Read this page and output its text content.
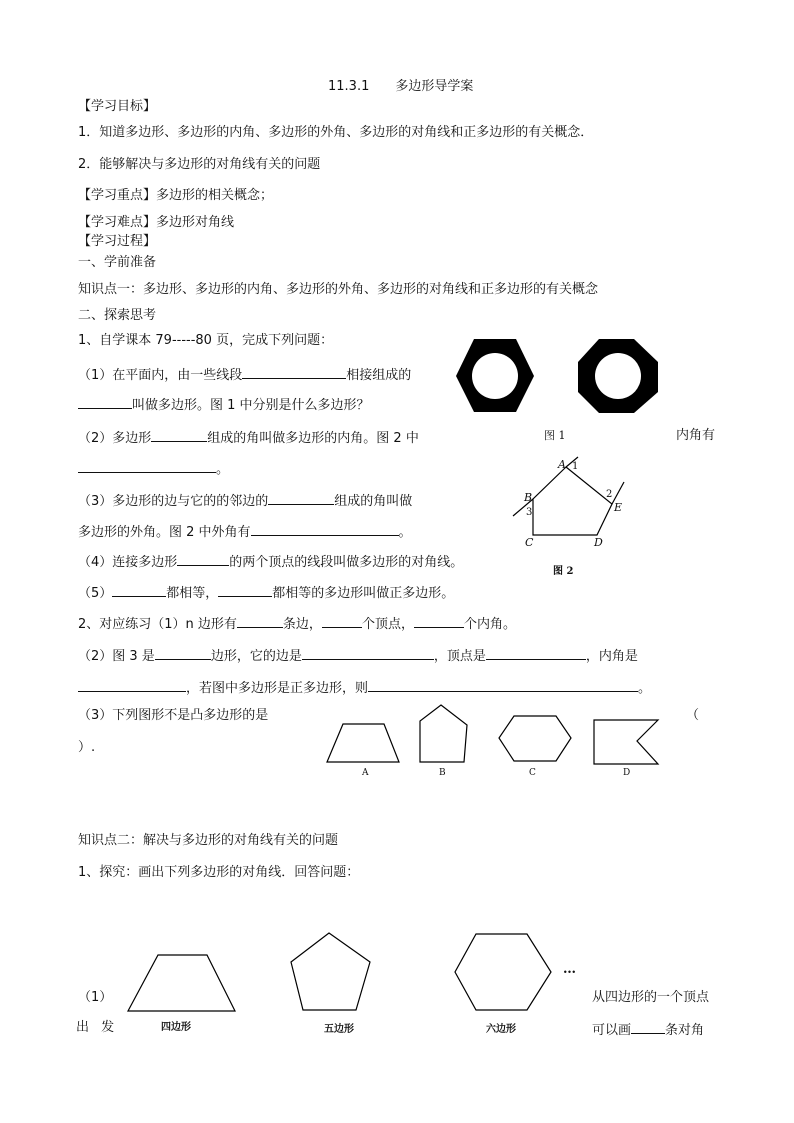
11.3.1　　多边形导学案
【学习目标】
1．知道多边形、多边形的内角、多边形的外角、多边形的对角线和正多边形的有关概念．
2．能够解决与多边形的对角线有关的问题
【学习重点】多边形的相关概念；
【学习难点】多边形对角线
【学习过程】
一、学前准备
知识点一：多边形、多边形的内角、多边形的外角、多边形的对角线和正多边形的有关概念
二、探索思考
1、自学课本 79-----80 页，完成下列问题：
（1）在平面内，由一些线段	相接组成的
叫做多边形。图 1 中分别是什么多边形？
（2）多边形	组成的角叫做多边形的内角。图 2 中	内角有
。
（3）多边形的边与它的的邻边的	组成的角叫做
多边形的外角。图 2 中外角有	。
（4）连接多边形	的两个顶点的线段叫做多边形的对角线。
（5）	都相等，	都相等的多边形叫做正多边形。
2、对应练习（1）n 边形有	条边，	个顶点，	个内角。
（2）图 3 是	边形，它的边是	，顶点是	，内角是
，若图中多边形是正多边形，则	。
（3）下列图形不是凸多边形的是	（
）.
知识点二：解决与多边形的对角线有关的问题
1、探究：画出下列多边形的对角线．回答问题：
（1）
出 发
从四边形的一个顶点
可以画	条对角
图 1
图 2
A 1
B
3
2
E
C	D
A	B	C	D
四边形	五边形	六边形
…
